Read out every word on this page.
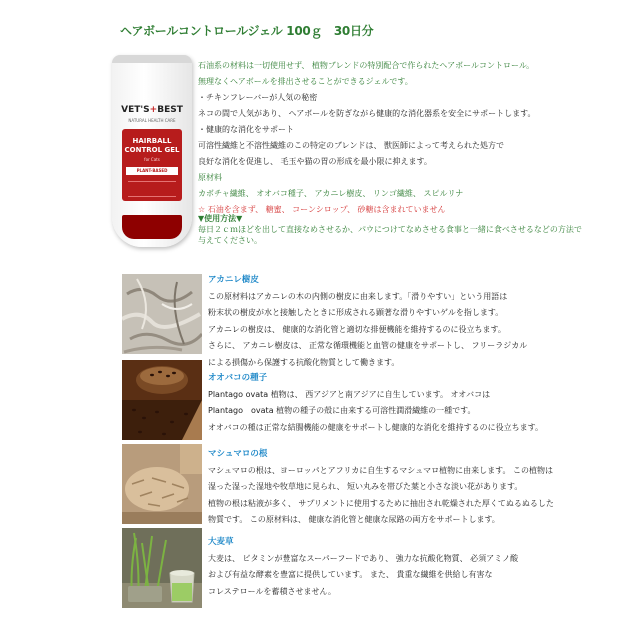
ヘアボールコントロールジェル 100ｇ　30日分
VET'S+BEST
NATURAL HEALTH CARE
HAIRBALL CONTROL GEL
for Cats
PLANT-BASED FORMULA
石油系の材料は一切使用せず、 植物ブレンドの特別配合で作られたヘアボールコントロール。
無理なくヘアボールを排出させることができるジェルです。
・チキンフレーバーが人気の秘密
ネコの間で人気があり、 ヘアボールを防ぎながら健康的な消化器系を安全にサポートします。
・健康的な消化をサポート
可溶性繊維と不溶性繊維のこの特定のブレンドは、 獣医師によって考えられた処方で
良好な消化を促進し、 毛玉や猫の胃の形成を最小限に抑えます。
原材料
カボチャ繊維、 オオバコ種子、 アカニレ樹皮、 リンゴ繊維、 スピルリナ
☆ 石油を含まず、 糖蜜、 コーンシロップ、 砂糖は含まれていません
▼使用方法▼
毎日２ｃｍほどを出して直接なめさせるか、パウにつけてなめさせる食事と一緒に食べさせるなどの方法で
与えてください。
アカニレ樹皮
この原材料はアカニレの木の内側の樹皮に由来します。「滑りやすい」という用語は
粉末状の樹皮が水と接触したときに形成される顕著な滑りやすいゲルを指します。
アカニレの樹皮は、 健康的な消化管と適切な排便機能を維持するのに役立ちます。
さらに、 アカニレ樹皮は、 正常な循環機能と血管の健康をサポートし、 フリーラジカル
による損傷から保護する抗酸化物質として働きます。
オオバコの種子
Plantago ovata 植物は、 西アジアと南アジアに自生しています。 オオバコは
Plantago　ovata 植物の種子の殻に由来する可溶性潤滑繊維の一種です。
オオバコの種は正常な結腸機能の健康をサポートし健康的な消化を維持するのに役立ちます。
マシュマロの根
マシュマロの根は、ヨーロッパとアフリカに自生するマシュマロ植物に由来します。 この植物は
湿った湿った湿地や牧草地に見られ、 短い丸みを帯びた葉と小さな淡い花があります。
植物の根は粘液が多く、 サプリメントに使用するために抽出され乾燥された厚くてぬるぬるした
物質です。 この原材料は、 健康な消化管と健康な尿路の両方をサポートします。
大麦草
大麦は、 ビタミンが豊富なスーパーフードであり、 強力な抗酸化物質、 必須アミノ酸
および有益な酵素を豊富に提供しています。 また、 貴重な繊維を供給し有害な
コレステロールを蓄積させません。
